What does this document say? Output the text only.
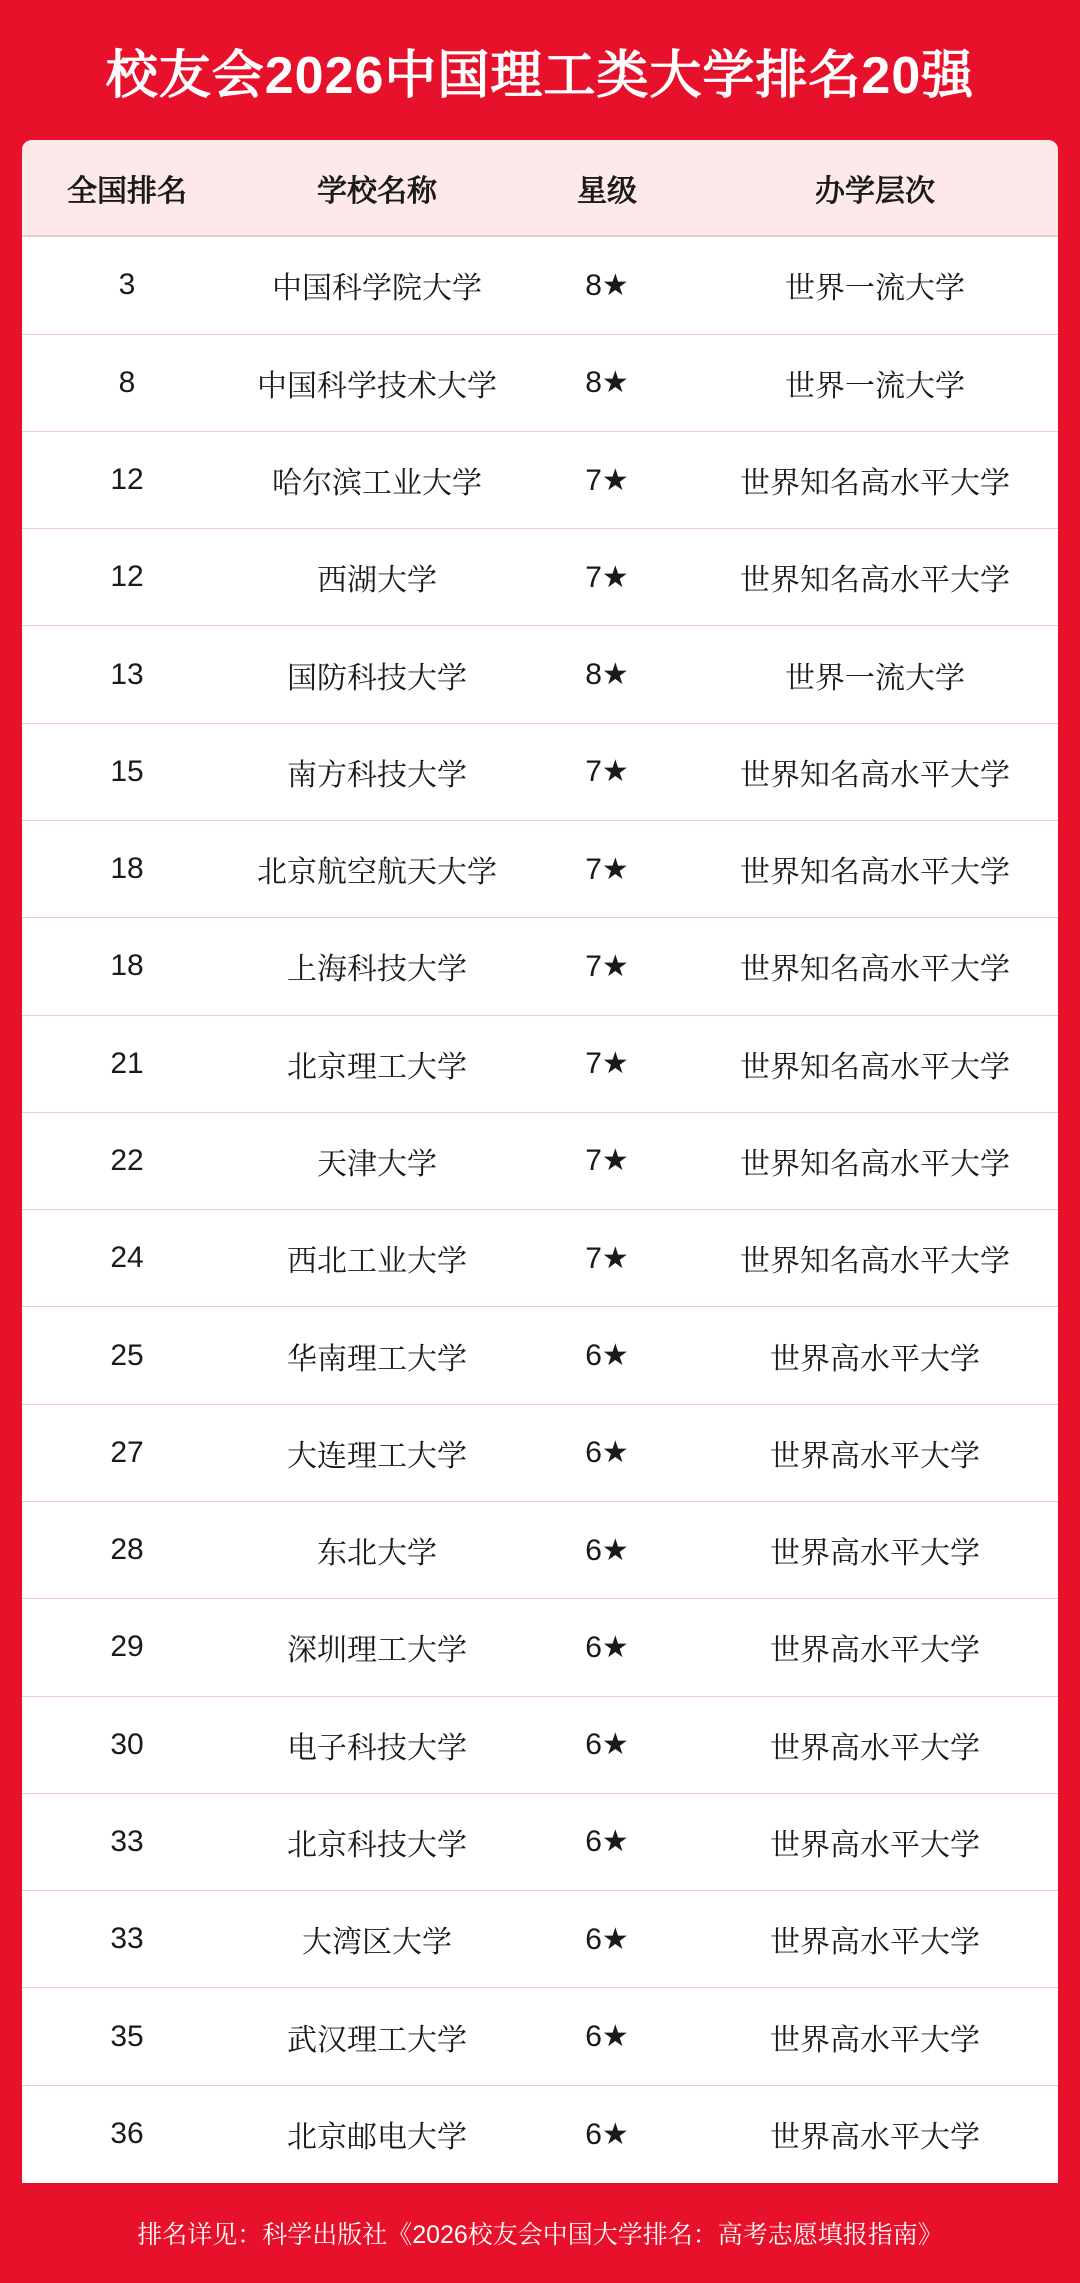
校友会2026中国理工类大学排名20强
全国排名	学校名称	星级	办学层次
3	中国科学院大学	8★	世界一流大学
8	中国科学技术大学	8★	世界一流大学
12	哈尔滨工业大学	7★	世界知名高水平大学
12	西湖大学	7★	世界知名高水平大学
13	国防科技大学	8★	世界一流大学
15	南方科技大学	7★	世界知名高水平大学
18	北京航空航天大学	7★	世界知名高水平大学
18	上海科技大学	7★	世界知名高水平大学
21	北京理工大学	7★	世界知名高水平大学
22	天津大学	7★	世界知名高水平大学
24	西北工业大学	7★	世界知名高水平大学
25	华南理工大学	6★	世界高水平大学
27	大连理工大学	6★	世界高水平大学
28	东北大学	6★	世界高水平大学
29	深圳理工大学	6★	世界高水平大学
30	电子科技大学	6★	世界高水平大学
33	北京科技大学	6★	世界高水平大学
33	大湾区大学	6★	世界高水平大学
35	武汉理工大学	6★	世界高水平大学
36	北京邮电大学	6★	世界高水平大学
排名详见：科学出版社《2026校友会中国大学排名：高考志愿填报指南》
